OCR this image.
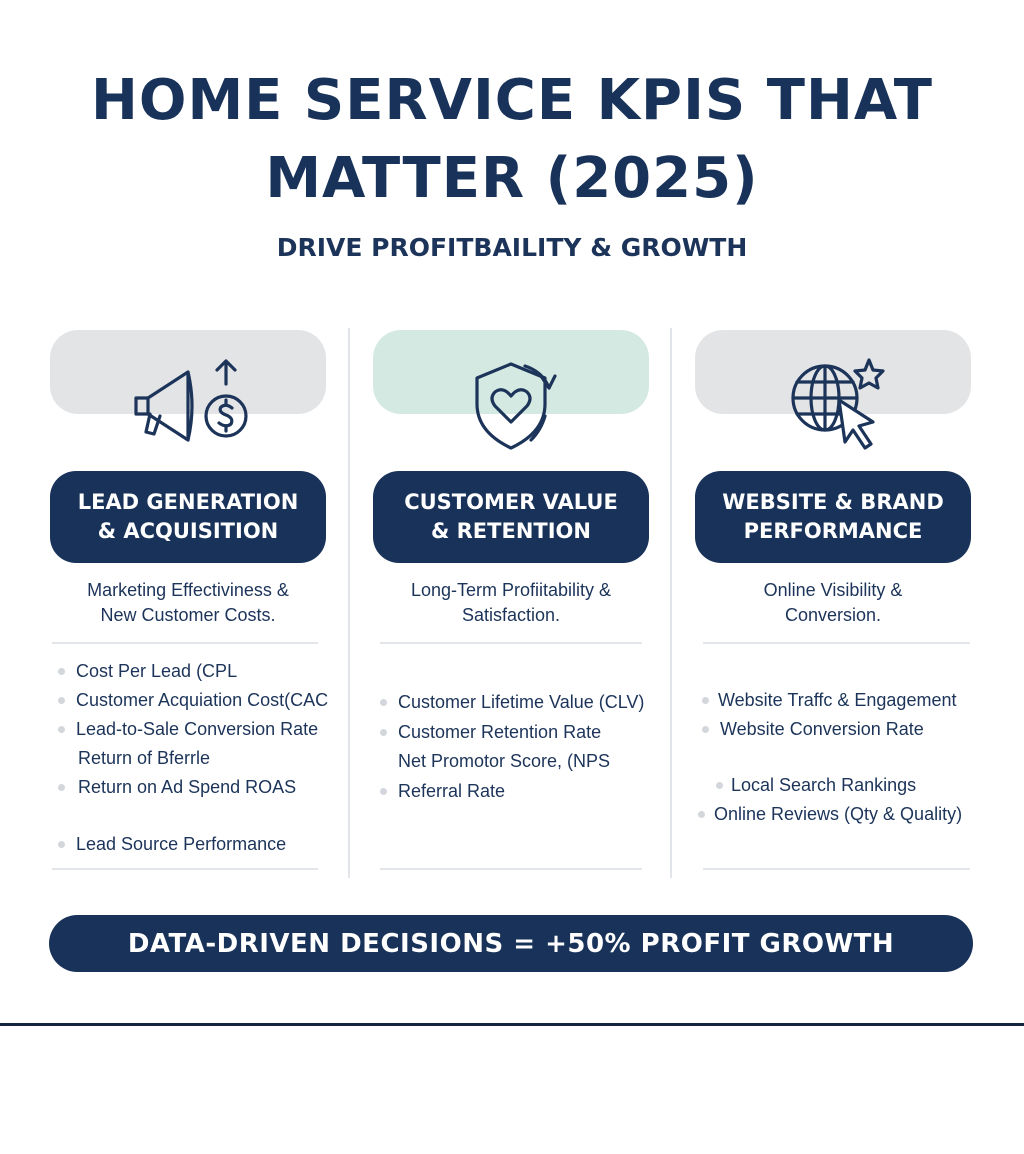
HOME SERVICE KPIS THAT
MATTER (2025)
DRIVE PROFITBAILITY & GROWTH
LEAD GENERATION
& ACQUISITION
Marketing Effectiviness &
New Customer Costs.
CUSTOMER VALUE
& RETENTION
Long-Term Profiitability &
Satisfaction.
WEBSITE & BRAND
PERFORMANCE
Online Visibility &
Conversion.
Cost Per Lead (CPL
Customer Acquiation Cost(CAC
Lead-to-Sale Conversion Rate
Return of Bferrle
Return on Ad Spend ROAS
Lead Source Performance
Customer Lifetime Value (CLV)
Customer Retention Rate
Net Promotor Score, (NPS
Referral Rate
Website Traffc & Engagement
Website Conversion Rate
Local Search Rankings
Online Reviews (Qty & Quality)
DATA-DRIVEN DECISIONS = +50% PROFIT GROWTH
